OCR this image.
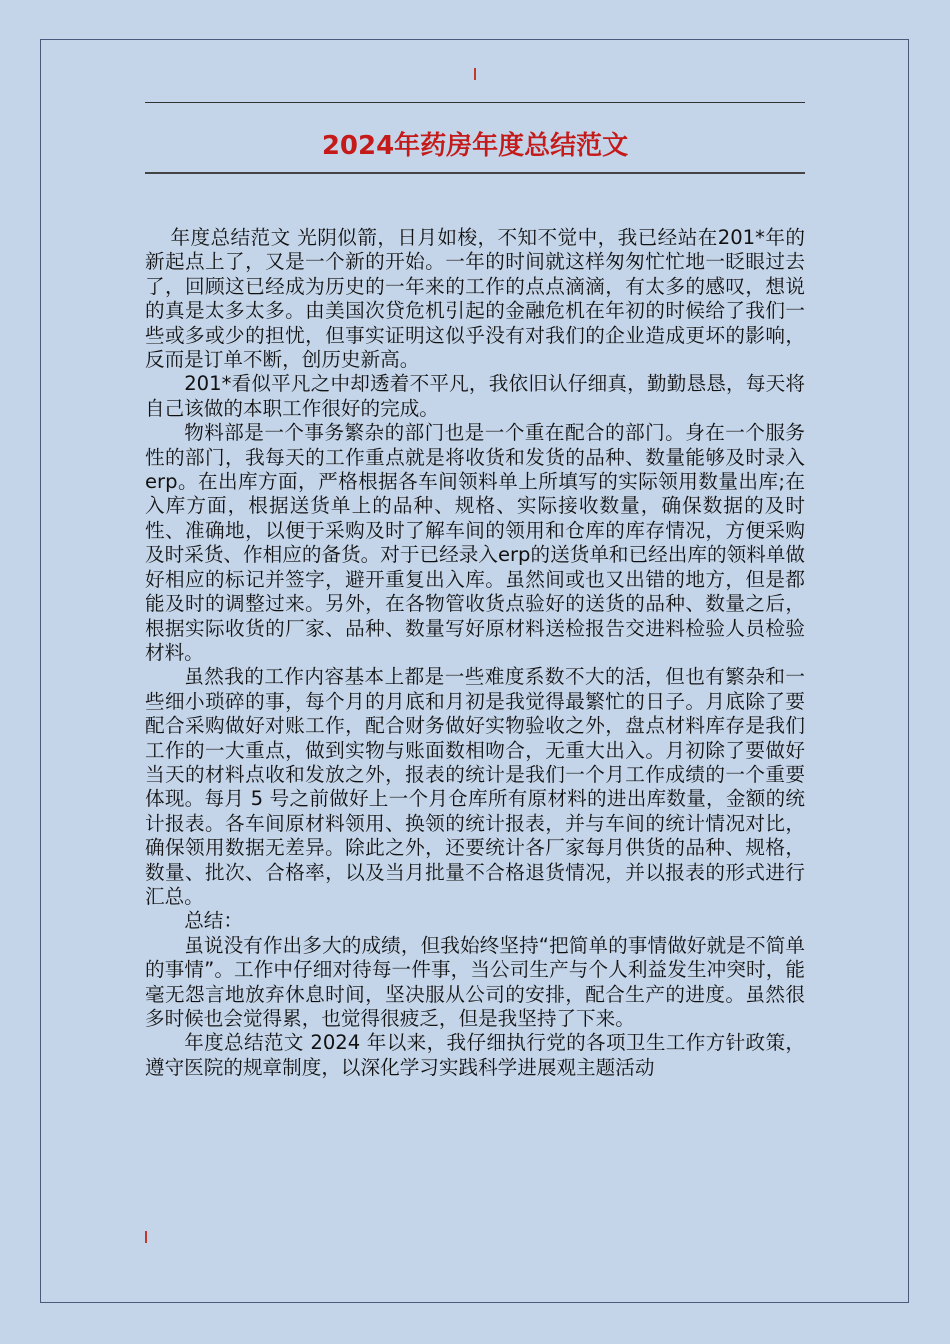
2024年药房年度总结范文

年度总结范文 光阴似箭，日月如梭，不知不觉中，我已经站在201*年的新起点上了，又是一个新的开始。一年的时间就这样匆匆忙忙地一眨眼过去了，回顾这已经成为历史的一年来的工作的点点滴滴，有太多的感叹，想说的真是太多太多。由美国次贷危机引起的金融危机在年初的时候给了我们一些或多或少的担忧，但事实证明这似乎没有对我们的企业造成更坏的影响，反而是订单不断，创历史新高。

201*看似平凡之中却透着不平凡，我依旧认仔细真，勤勤恳恳，每天将自己该做的本职工作很好的完成。

物料部是一个事务繁杂的部门也是一个重在配合的部门。身在一个服务性的部门，我每天的工作重点就是将收货和发货的品种、数量能够及时录入erp。在出库方面，严格根据各车间领料单上所填写的实际领用数量出库;在入库方面，根据送货单上的品种、规格、实际接收数量，确保数据的及时性、准确地，以便于采购及时了解车间的领用和仓库的库存情况，方便采购及时采货、作相应的备货。对于已经录入erp的送货单和已经出库的领料单做好相应的标记并签字，避开重复出入库。虽然间或也又出错的地方，但是都能及时的调整过来。另外，在各物管收货点验好的送货的品种、数量之后，根据实际收货的厂家、品种、数量写好原材料送检报告交进料检验人员检验材料。

虽然我的工作内容基本上都是一些难度系数不大的活，但也有繁杂和一些细小琐碎的事，每个月的月底和月初是我觉得最繁忙的日子。月底除了要配合采购做好对账工作，配合财务做好实物验收之外，盘点材料库存是我们工作的一大重点，做到实物与账面数相吻合，无重大出入。月初除了要做好当天的材料点收和发放之外，报表的统计是我们一个月工作成绩的一个重要体现。每月 5 号之前做好上一个月仓库所有原材料的进出库数量，金额的统计报表。各车间原材料领用、换领的统计报表，并与车间的统计情况对比，确保领用数据无差异。除此之外，还要统计各厂家每月供货的品种、规格，数量、批次、合格率，以及当月批量不合格退货情况，并以报表的形式进行汇总。

总结：

虽说没有作出多大的成绩，但我始终坚持“把简单的事情做好就是不简单的事情”。工作中仔细对待每一件事，当公司生产与个人利益发生冲突时，能毫无怨言地放弃休息时间，坚决服从公司的安排，配合生产的进度。虽然很多时候也会觉得累，也觉得很疲乏，但是我坚持了下来。

年度总结范文 2024 年以来，我仔细执行党的各项卫生工作方针政策，遵守医院的规章制度，以深化学习实践科学进展观主题活动
